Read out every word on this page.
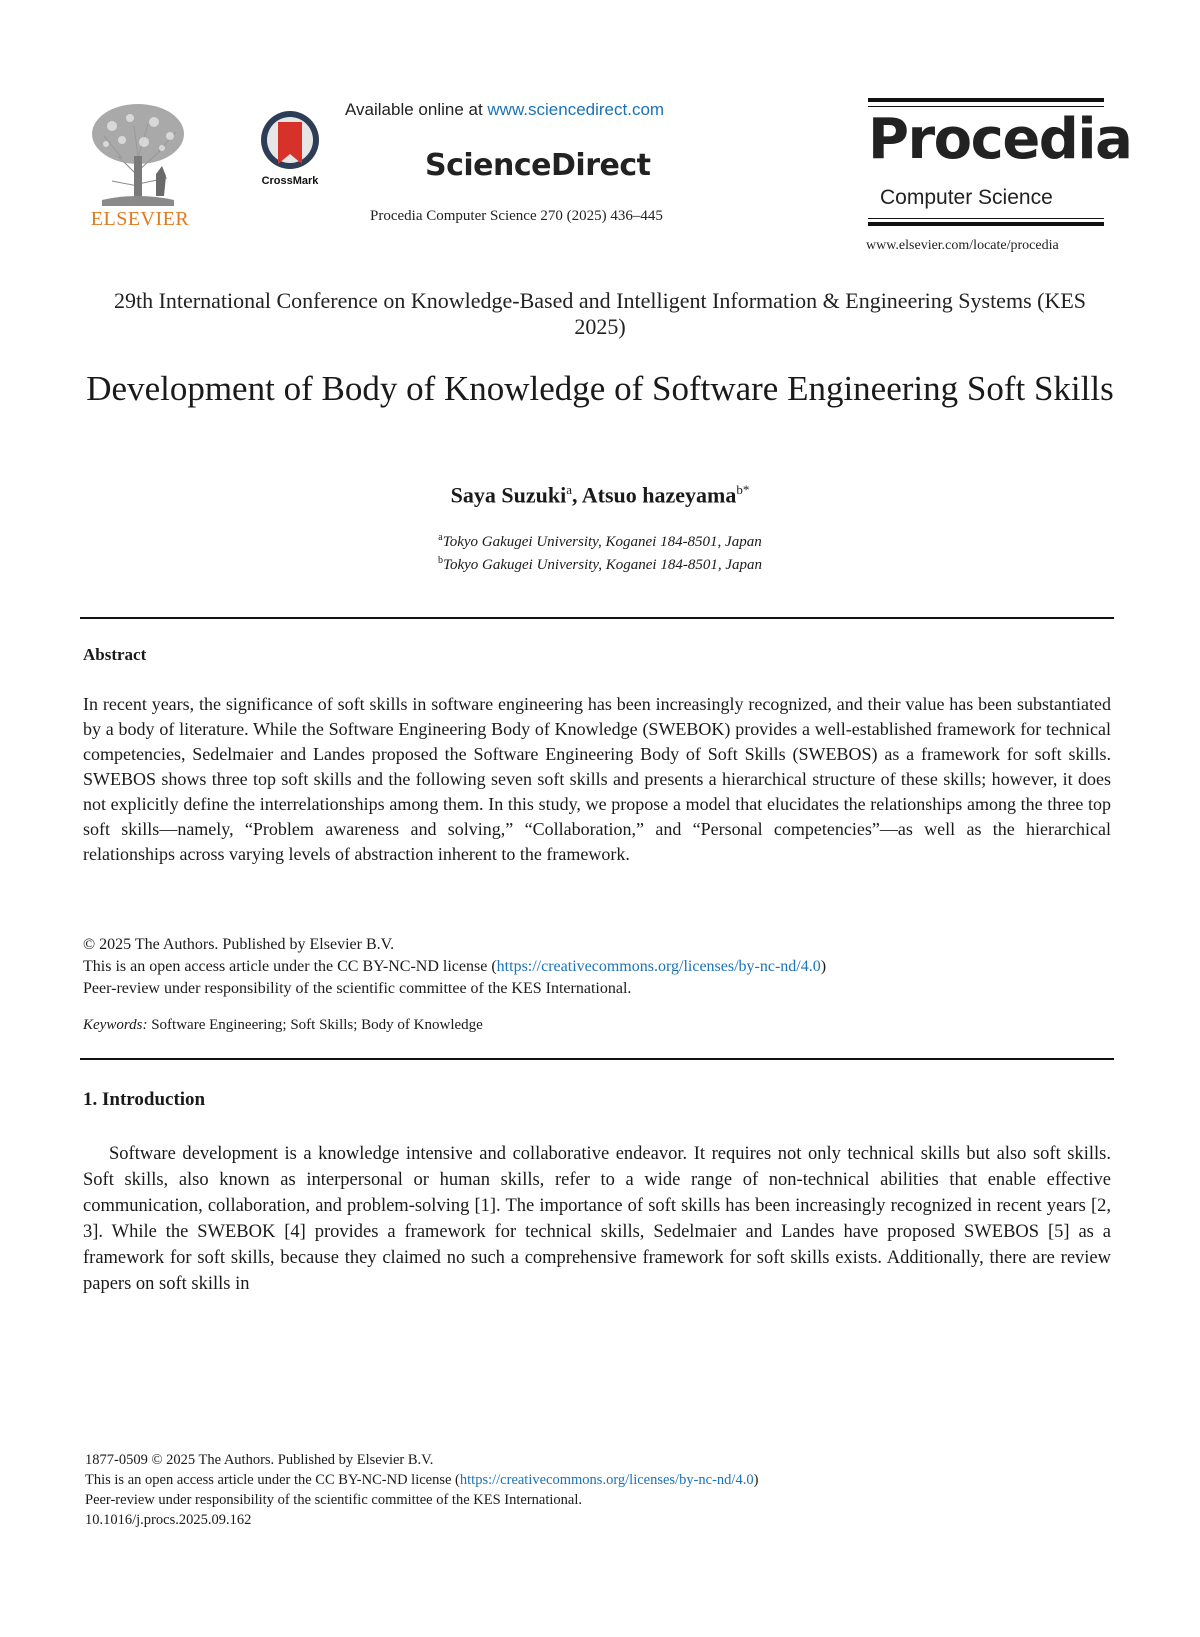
ELSEVIER
CrossMark
Available online at www.sciencedirect.com
ScienceDirect
Procedia Computer Science 270 (2025) 436–445
Procedia
Computer Science
www.elsevier.com/locate/procedia
29th International Conference on Knowledge-Based and Intelligent Information & Engineering Systems (KES 2025)
Development of Body of Knowledge of Software Engineering Soft Skills
Saya Suzuki$^a$, Atsuo hazeyama$^{b*}$
$^a$Tokyo Gakugei University, Koganei 184-8501, Japan
$^b$Tokyo Gakugei University, Koganei 184-8501, Japan
Abstract
In recent years, the significance of soft skills in software engineering has been increasingly recognized, and their value has been substantiated by a body of literature. While the Software Engineering Body of Knowledge (SWEBOK) provides a well-established framework for technical competencies, Sedelmaier and Landes proposed the Software Engineering Body of Soft Skills (SWEBOS) as a framework for soft skills. SWEBOS shows three top soft skills and the following seven soft skills and presents a hierarchical structure of these skills; however, it does not explicitly define the interrelationships among them. In this study, we propose a model that elucidates the relationships among the three top soft skills—namely, “Problem awareness and solving,” “Collaboration,” and “Personal competencies”—as well as the hierarchical relationships across varying levels of abstraction inherent to the framework.
© 2025 The Authors. Published by Elsevier B.V.
This is an open access article under the CC BY-NC-ND license (https://creativecommons.org/licenses/by-nc-nd/4.0)
Peer-review under responsibility of the scientific committee of the KES International.
Keywords: Software Engineering; Soft Skills; Body of Knowledge
1. Introduction
Software development is a knowledge intensive and collaborative endeavor. It requires not only technical skills but also soft skills. Soft skills, also known as interpersonal or human skills, refer to a wide range of non-technical abilities that enable effective communication, collaboration, and problem-solving [1]. The importance of soft skills has been increasingly recognized in recent years [2, 3]. While the SWEBOK [4] provides a framework for technical skills, Sedelmaier and Landes have proposed SWEBOS [5] as a framework for soft skills, because they claimed no such a comprehensive framework for soft skills exists. Additionally, there are review papers on soft skills in
1877-0509 © 2025 The Authors. Published by Elsevier B.V.
This is an open access article under the CC BY-NC-ND license (https://creativecommons.org/licenses/by-nc-nd/4.0)
Peer-review under responsibility of the scientific committee of the KES International.
10.1016/j.procs.2025.09.162
